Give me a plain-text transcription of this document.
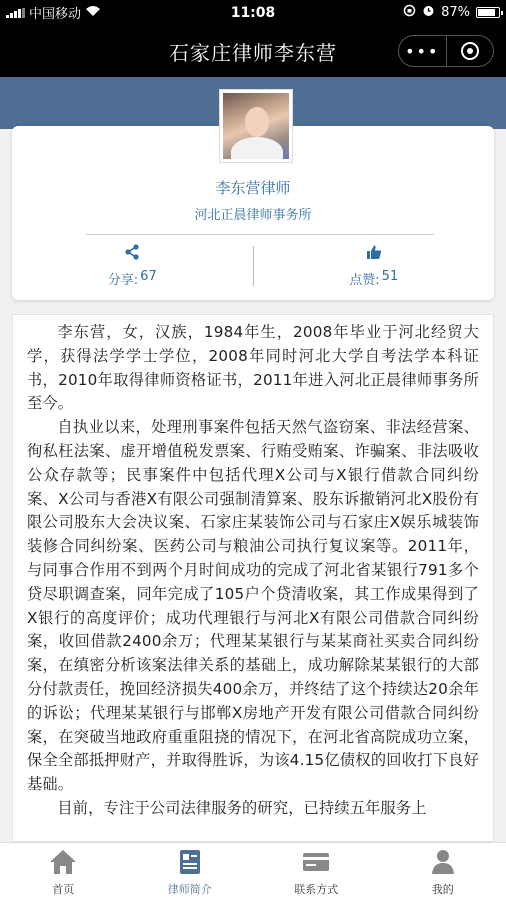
中国移动	11:08	87%
石家庄律师李东营	•••
李东营律师
河北正晨律师事务所
分享: 67	点赞: 51

李东营，女，汉族，1984年生，2008年毕业于河北经贸大学，获得法学学士学位，2008年同时河北大学自考法学本科证书，2010年取得律师资格证书，2011年进入河北正晨律师事务所至今。

自执业以来，处理刑事案件包括天然气盗窃案、非法经营案、徇私枉法案、虚开增值税发票案、行贿受贿案、诈骗案、非法吸收公众存款等；民事案件中包括代理X公司与X银行借款合同纠纷案、X公司与香港X有限公司强制清算案、股东诉撤销河北X股份有限公司股东大会决议案、石家庄某装饰公司与石家庄X娱乐城装饰装修合同纠纷案、医药公司与粮油公司执行复议案等。2011年，与同事合作用不到两个月时间成功的完成了河北省某银行791多个贷尽职调查案，同年完成了105户个贷清收案，其工作成果得到了X银行的高度评价；成功代理银行与河北X有限公司借款合同纠纷案，收回借款2400余万；代理某某银行与某某商社买卖合同纠纷案，在缜密分析该案法律关系的基础上，成功解除某某银行的大部分付款责任，挽回经济损失400余万，并终结了这个持续达20余年的诉讼；代理某某银行与邯郸X房地产开发有限公司借款合同纠纷案，在突破当地政府重重阻挠的情况下，在河北省高院成功立案，保全全部抵押财产，并取得胜诉，为该4.15亿债权的回收打下良好基础。

目前，专注于公司法律服务的研究，已持续五年服务上

首页	律师简介	联系方式	我的
